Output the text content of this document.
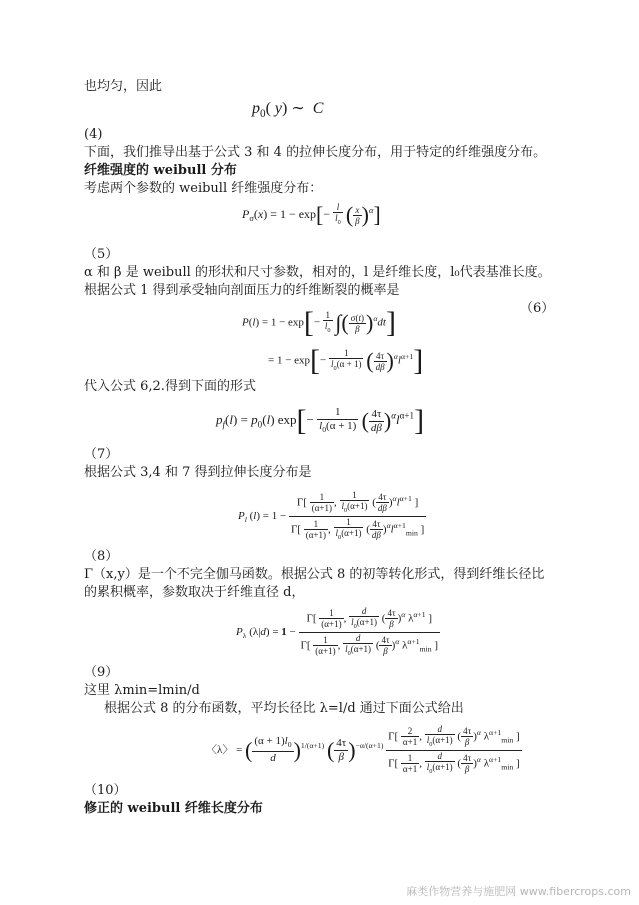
也均匀，因此
$p_0$( y) ∼  C
(4)
下面，我们推导出基于公式 3 和 4 的拉伸长度分布，用于特定的纤维强度分布。
纤维强度的 weibull 分布
考虑两个参数的 weibull 纤维强度分布：
$P_\sigma(x) = 1 - \exp[- \frac{l}{l_0}$ ( $\frac{x}{\beta} )^\alpha$]
（5）
α 和 β 是 weibull 的形状和尺寸参数，相对的，l 是纤维长度，l₀代表基准长度。
根据公式 1 得到承受轴向剖面压力的纤维断裂的概率是
（6）
$P(l) = 1 - \exp[- \frac{1}{l_0}$ ∫( $\frac{\sigma(t)}{\beta} )^\alpha dt$]
= $1 - \exp[- \frac{1}{l_0(\alpha + 1)}$ ( $\frac{4\tau}{d\beta} )^\alpha l^{\alpha+1}$]
代入公式 6,2.得到下面的形式
$p_f(l) = p_0(l)$ $\exp[- \frac{1}{l_0(\alpha + 1)}$ ( $\frac{4\tau}{d\beta} )^\alpha l^{\alpha+1}$]
（7）
根据公式 3,4 和 7 得到拉伸长度分布是
$P_l$ $(l) = 1 - \frac{\Gamma[ \frac{1}{(\alpha+1)} , \frac{1}{l_0(\alpha+1)} ( \frac{4\tau}{d\beta} )^\alpha l^{\alpha+1} ]}{\Gamma[ \frac{1}{(\alpha+1)} , \frac{1}{l_0(\alpha+1)} ( \frac{4\tau}{d\beta} )^\alpha l^{\alpha+1}_{min} ]}$
（8）
Γ（x,y）是一个不完全伽马函数。根据公式 8 的初等转化形式，得到纤维长径比
的累积概率，参数取决于纤维直径 d，
$P_\lambda$ $(\lambda|d) = 1 - \frac{\Gamma[ \frac{1}{(\alpha+1)} , \frac{d}{l_0(\alpha+1)} ( \frac{4\tau}{\beta} )^\alpha \lambda^{\alpha+1} ]}{\Gamma[ \frac{1}{(\alpha+1)} , \frac{d}{l_0(\alpha+1)} ( \frac{4\tau}{\beta} )^\alpha \lambda^{\alpha+1}_{min} ]}$
（9）
这里 λmin=lmin/d
根据公式 8 的分布函数，平均长径比 λ=l/d 通过下面公式给出
〈λ〉 = ( $\frac{(\alpha + 1)l_0}{d} )^{1/(\alpha+1)}$ ( $\frac{4\tau}{\beta} )^{-\alpha/(\alpha+1)} \frac{\Gamma[ \frac{2}{\alpha+1} , \frac{d}{l_0(\alpha+1)} ( \frac{4\tau}{\beta} )^\alpha \lambda^{\alpha+1}_{min} ]}{\Gamma[ \frac{1}{\alpha+1} , \frac{d}{l_0(\alpha+1)} ( \frac{4\tau}{\beta} )^\alpha \lambda^{\alpha+1}_{min} ]}$
（10）
修正的 weibull 纤维长度分布
麻类作物营养与施肥网 www.fibercrops.com
